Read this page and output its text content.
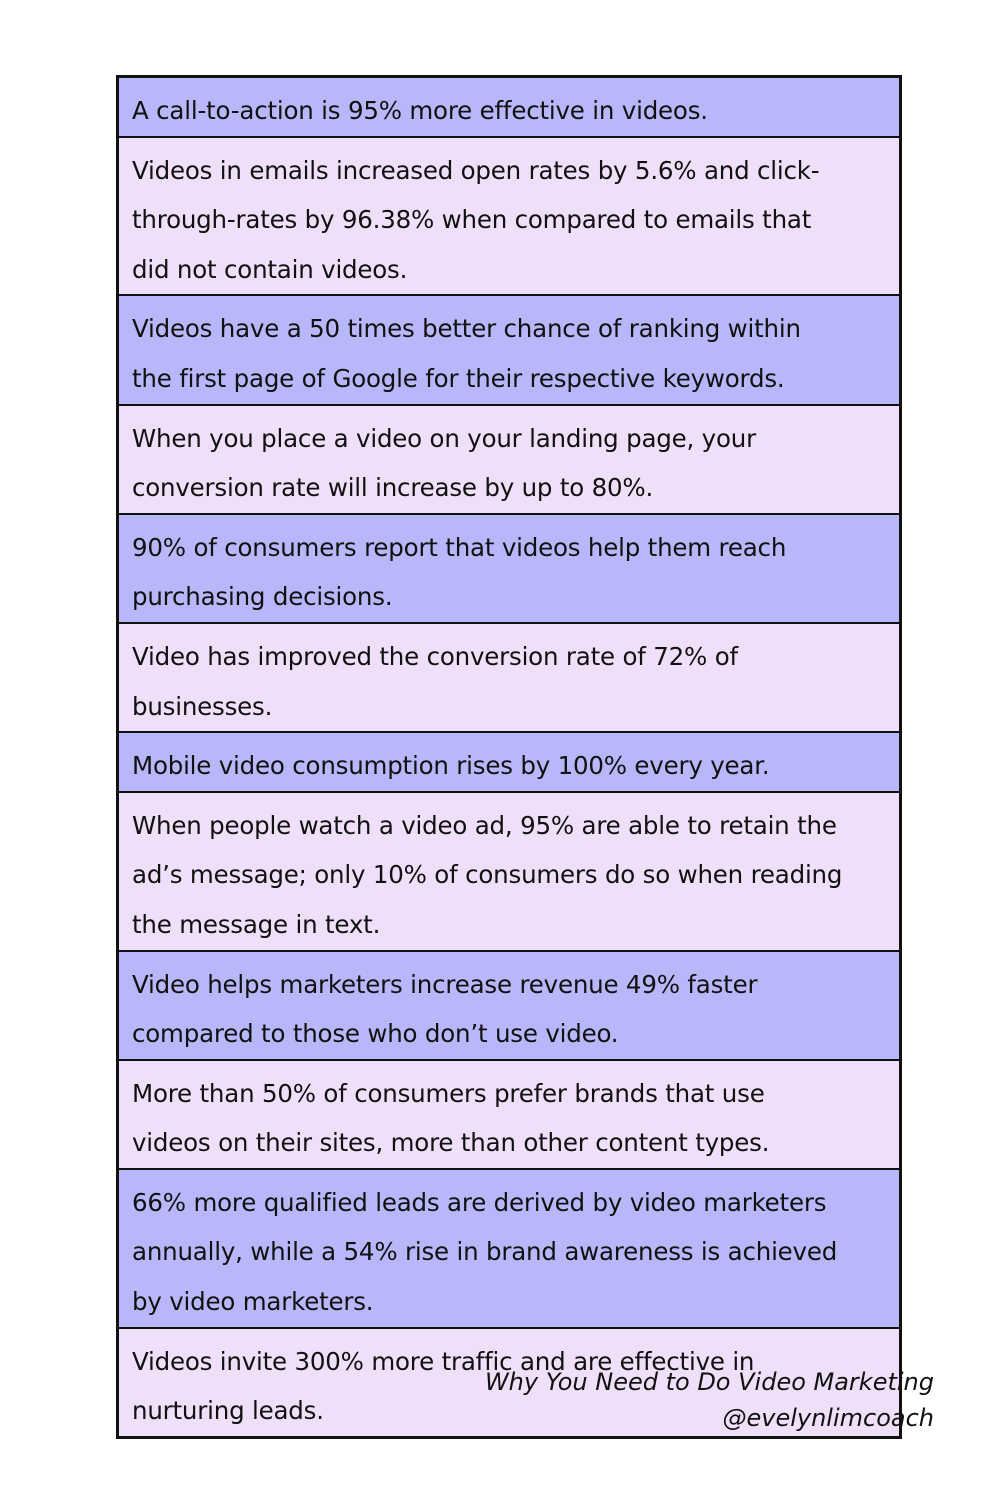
A call-to-action is 95% more effective in videos.
Videos in emails increased open rates by 5.6% and click-
through-rates by 96.38% when compared to emails that
did not contain videos.
Videos have a 50 times better chance of ranking within
the first page of Google for their respective keywords.
When you place a video on your landing page, your
conversion rate will increase by up to 80%.
90% of consumers report that videos help them reach
purchasing decisions.
Video has improved the conversion rate of 72% of
businesses.
Mobile video consumption rises by 100% every year.
When people watch a video ad, 95% are able to retain the
ad’s message; only 10% of consumers do so when reading
the message in text.
Video helps marketers increase revenue 49% faster
compared to those who don’t use video.
More than 50% of consumers prefer brands that use
videos on their sites, more than other content types.
66% more qualified leads are derived by video marketers
annually, while a 54% rise in brand awareness is achieved
by video marketers.
Videos invite 300% more traffic and are effective in
nurturing leads.
Why You Need to Do Video Marketing
@evelynlimcoach
